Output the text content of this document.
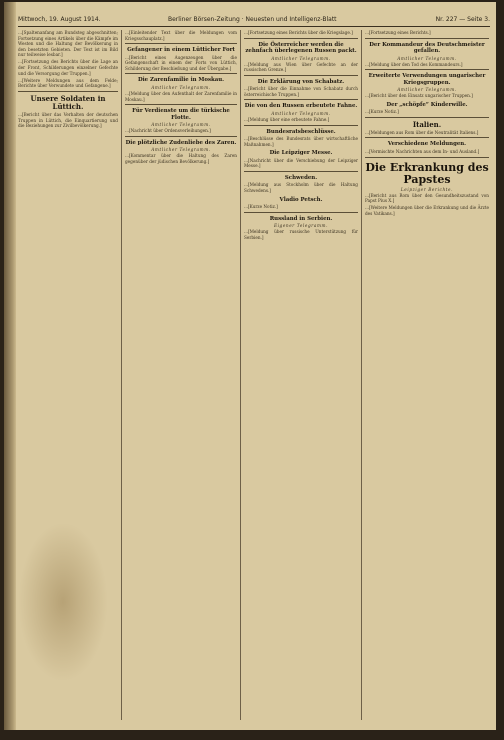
Mittwoch, 19. August 1914.	Berliner Börsen-Zeitung · Neuesten und Intelligenz-Blatt	Nr. 227 — Seite 3.

...[Spaltenanfang am Bundsteg abgeschnitten; Fortsetzung eines Artikels über die Kämpfe im Westen und die Haltung der Bevölkerung in den besetzten Gebieten. Der Text ist im Bild nur teilweise lesbar.]

...[Fortsetzung des Berichts über die Lage an der Front, Schilderungen einzelner Gefechte und die Versorgung der Truppen.]

...[Weitere Meldungen aus dem Felde; Berichte über Verwundete und Gefangene.]

Unsere Soldaten in Lüttich.

...[Bericht über das Verhalten der deutschen Truppen in Lüttich, die Einquartierung und die Beziehungen zur Zivilbevölkerung.]

...[Einleitender Text über die Meldungen vom Kriegsschauplatz.]

Gefangener in einem Lütticher Fort

...[Bericht eines Augenzeugen über die Gefangenschaft in einem der Forts von Lüttich, Schilderung der Beschießung und der Übergabe.]

Die Zarenfamilie in Moskau.
Amtlicher Telegramm.

...[Meldung über den Aufenthalt der Zarenfamilie in Moskau.]

Für Verdienste um die türkische Flotte.
Amtlicher Telegramm.

...[Nachricht über Ordensverleihungen.]

Die plötzliche Zudenliebe des Zaren.
Amtlicher Telegramm.

...[Kommentar über die Haltung des Zaren gegenüber der jüdischen Bevölkerung.]

...[Fortsetzung eines Berichts über die Kriegslage.]

Die Österreicher werden die zehnfach überlegenen Russen packt.
Amtlicher Telegramm.

...[Meldung aus Wien über Gefechte an der russischen Grenze.]

Die Erklärung von Schabatz.

...[Bericht über die Einnahme von Schabatz durch österreichische Truppen.]

Die von den Russen erbeutete Fahne.
Amtlicher Telegramm.

...[Meldung über eine erbeutete Fahne.]

Bundesratsbeschlüsse.

...[Beschlüsse des Bundesrats über wirtschaftliche Maßnahmen.]

Die Leipziger Messe.

...[Nachricht über die Verschiebung der Leipziger Messe.]

Schweden.

...[Meldung aus Stockholm über die Haltung Schwedens.]

Vladio Petsch.

...[Kurze Notiz.]

Russland in Serbien.
Eigener Telegramm.

...[Meldung über russische Unterstützung für Serbien.]

...[Fortsetzung eines Berichts.]

Der Kommandeur des Deutschmeister gefallen.
Amtlicher Telegramm.

...[Meldung über den Tod des Kommandeurs.]

Erweiterte Verwendungen ungarischer Kriegsgruppen.
Amtlicher Telegramm.

...[Bericht über den Einsatz ungarischer Truppen.]

Der „schöpfe“ Kinderwille.

...[Kurze Notiz.]

Italien.

...[Meldungen aus Rom über die Neutralität Italiens.]

Verschiedene Meldungen.

...[Vermischte Nachrichten aus dem In- und Ausland.]

Die Erkrankung des Papstes
Leipziger Berichte.

...[Bericht aus Rom über den Gesundheitszustand von Papst Pius X.]

...[Weitere Meldungen über die Erkrankung und die Ärzte des Vatikans.]
